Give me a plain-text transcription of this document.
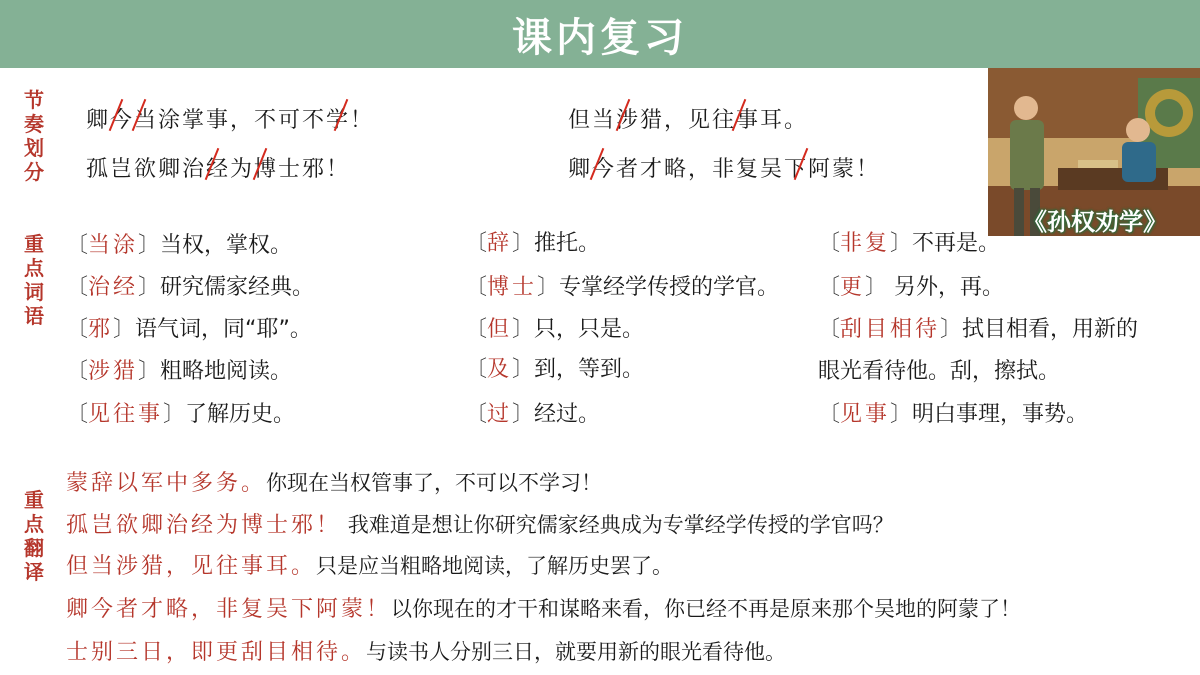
课内复习
节奏划分
重点词语
重点翻译
卿今当涂掌事，不可不学！
孤岂欲卿治经为博士邪！
但当涉猎，见往事耳。
卿今者才略，非复吴下阿蒙！
《孙权劝学》
〔当涂〕当权，掌权。
〔治经〕研究儒家经典。
〔邪〕语气词，同“耶”。
〔涉猎〕粗略地阅读。
〔见往事〕了解历史。
〔辞〕推托。
〔博士〕专掌经学传授的学官。
〔但〕只，只是。
〔及〕到，等到。
〔过〕经过。
〔非复〕不再是。
〔更〕 另外，再。
〔刮目相待〕拭目相看，用新的
眼光看待他。刮，擦拭。
〔见事〕明白事理，事势。
蒙辞以军中多务。你现在当权管事了，不可以不学习！
孤岂欲卿治经为博士邪！ 我难道是想让你研究儒家经典成为专掌经学传授的学官吗？
但当涉猎，见往事耳。只是应当粗略地阅读，了解历史罢了。
卿今者才略，非复吴下阿蒙！以你现在的才干和谋略来看，你已经不再是原来那个吴地的阿蒙了！
士别三日，即更刮目相待。与读书人分别三日，就要用新的眼光看待他。
